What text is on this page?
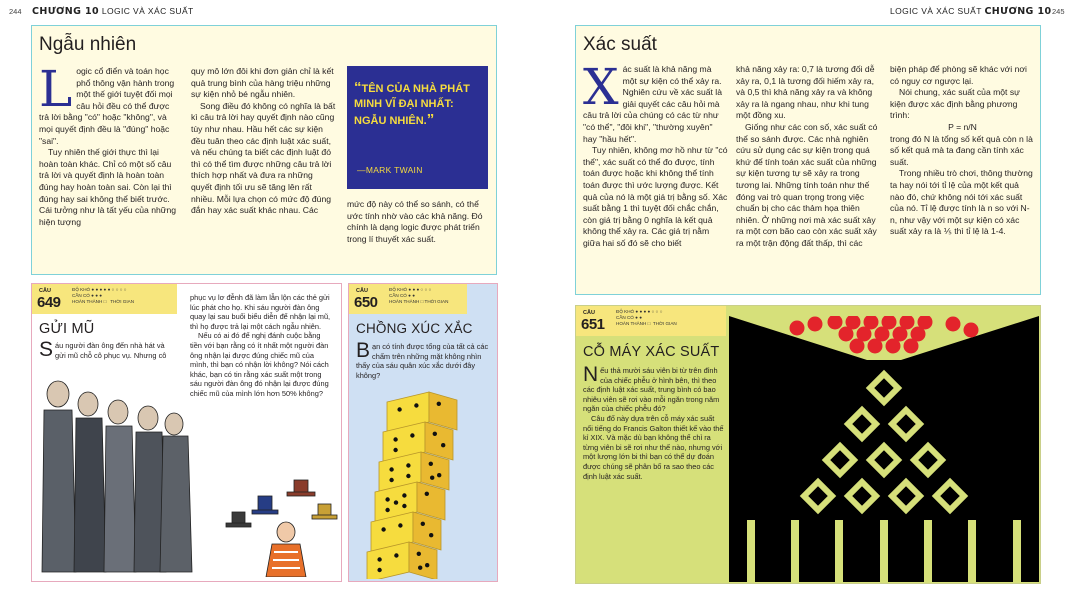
244 CHƯƠNG 10 LOGIC VÀ XÁC SUẤT	LOGIC VÀ XÁC SUẤT CHƯƠNG 10 245
Ngẫu nhiên
L ogic cổ điển và toán học phổ thông vận hành trong một thế giới tuyệt đối mọi câu hỏi đều có thể được trả lời bằng "có" hoặc "không", và mọi quyết định đều là "đúng" hoặc "sai".

Tuy nhiên thế giới thực thì lại hoàn toàn khác. Chỉ có một số câu trả lời và quyết định là hoàn toàn đúng hay hoàn toàn sai. Còn lại thì đúng hay sai không thể biết trước. Cái tưởng như là tất yếu của những hiện tượng

quy mô lớn đôi khi đơn giản chỉ là kết quả trung bình của hàng triệu những sự kiện nhỏ bé ngẫu nhiên.

Song điều đó không có nghĩa là bất kì câu trả lời hay quyết định nào cũng tùy như nhau. Hầu hết các sự kiện đều tuân theo các định luật xác suất, và nếu chúng ta biết các định luật đó thì có thể tìm được những câu trả lời thích hợp nhất và đưa ra những quyết định tối ưu sẽ tăng lên rất nhiều. Mỗi lựa chọn có mức độ đúng đắn hay xác suất khác nhau. Các

“TÊN CỦA NHÀ PHÁT MINH VĨ ĐẠI NHẤT: NGẪU NHIÊN.”
—MARK TWAIN

mức độ này có thể so sánh, có thể ước tính nhờ vào các khả năng. Đó chính là dạng logic được phát triển trong lí thuyết xác suất.

Xác suất
X ác suất là khả năng mà một sự kiện có thể xảy ra. Nghiên cứu về xác suất là giải quyết các câu hỏi mà câu trả lời của chúng có các từ như "có thể", "đôi khi", "thường xuyên" hay "hầu hết".

Tuy nhiên, không mơ hồ như từ "có thể", xác suất có thể đo được, tính toán được hoặc khi không thể tính toán được thì ước lượng được. Kết quả của nó là một giá trị bằng số. Xác suất bằng 1 thì tuyệt đối chắc chắn, còn giá trị bằng 0 nghĩa là kết quả không thể xảy ra. Các giá trị nằm giữa hai số đó sẽ cho biết

khả năng xảy ra: 0,7 là tương đối dễ xảy ra, 0,1 là tương đối hiếm xảy ra, và 0,5 thì khả năng xảy ra và không xảy ra là ngang nhau, như khi tung một đồng xu.

Giống như các con số, xác suất có thể so sánh được. Các nhà nghiên cứu sử dụng các sự kiện trong quá khứ để tính toán xác suất của những sự kiện tương tự sẽ xảy ra trong tương lai. Những tính toán như thế đóng vai trò quan trọng trong việc chuẩn bị cho các thảm họa thiên nhiên. Ở những nơi mà xác suất xảy ra một cơn bão cao còn xác suất xảy ra một trận động đất thấp, thì các

biện pháp để phòng sẽ khác với nơi có nguy cơ ngược lại.

Nói chung, xác suất của một sự kiện được xác định bằng phương trình:

P = n/N

trong đó N là tổng số kết quả còn n là số kết quả mà ta đang cần tính xác suất.

Trong nhiều trò chơi, thông thường ta hay nói tới tỉ lệ của một kết quả nào đó, chứ không nói tới xác suất của nó. Tỉ lệ được tính là n so với N-n, như vậy với một sự kiện có xác suất xảy ra là ⅕ thì tỉ lệ là 1-4.

CÂU
649
ĐỘ KHÓ ● ● ● ● ● ○ ○ ○ ○
CẦN CÓ ● ● ●
HOÀN THÀNH □   THỜI GIAN
GỬI MŨ
S áu người đàn ông đến nhà hát và gửi mũ chỗ cô phục vụ. Nhưng cô

phục vụ lơ đễnh đã làm lẫn lộn các thẻ gửi lúc phát cho họ. Khi sáu người đàn ông quay lại sau buổi biểu diễn để nhận lại mũ, thì họ được trả lại một cách ngẫu nhiên.

Nếu có ai đó để nghị đánh cuộc bằng tiền với bạn rằng có ít nhất một người đàn ông nhận lại được đúng chiếc mũ của mình, thì bạn có nhận lời không? Nói cách khác, bạn có tin rằng xác suất một trong sáu người đàn ông đó nhận lại được đúng chiếc mũ của mình lớn hơn 50% không?

CÂU
650
ĐỘ KHÓ ● ● ● ○ ○ ○
CẦN CÓ ● ●
HOÀN THÀNH □ THỜI GIAN
CHỒNG XÚC XẮC
B ạn có tính được tổng của tất cả các chấm trên những mặt không nhìn thấy của sáu quân xúc xắc dưới đây không?

CÂU
651
ĐỘ KHÓ ● ● ● ● ○ ○ ○
CẦN CÓ ● ●
HOÀN THÀNH □  THỜI GIAN
CỖ MÁY XÁC SUẤT
N ếu thả mười sáu viên bi từ trên đỉnh của chiếc phễu ở hình bên, thì theo các định luật xác suất, trung bình có bao nhiêu viên sẽ rơi vào mỗi ngăn trong năm ngăn của chiếc phễu đó?

Câu đố này dựa trên cỗ máy xác suất nổi tiếng do Francis Galton thiết kế vào thế kỉ XIX. Và mặc dù bạn không thể chỉ ra từng viên bi sẽ rơi như thế nào, nhưng với một lượng lớn bi thì bạn có thể dự đoán được chúng sẽ phân bố ra sao theo các định luật xác suất.
